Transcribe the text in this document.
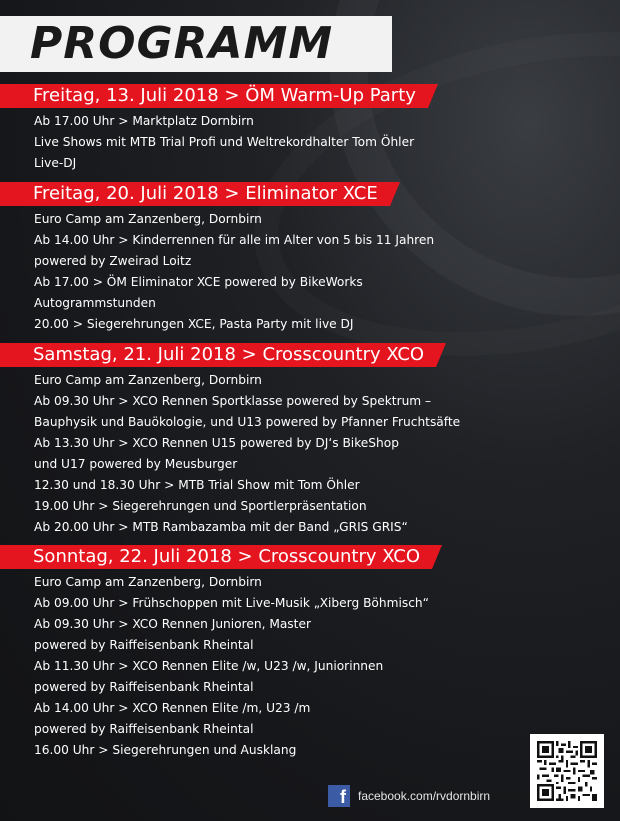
PROGRAMM
Freitag, 13. Juli 2018 > ÖM Warm-Up Party
Ab 17.00 Uhr > Marktplatz Dornbirn
Live Shows mit MTB Trial Profi und Weltrekordhalter Tom Öhler
Live-DJ
Freitag, 20. Juli 2018 > Eliminator XCE
Euro Camp am Zanzenberg, Dornbirn
Ab 14.00 Uhr > Kinderrennen für alle im Alter von 5 bis 11 Jahren
powered by Zweirad Loitz
Ab 17.00 > ÖM Eliminator XCE powered by BikeWorks
Autogrammstunden
20.00 > Siegerehrungen XCE, Pasta Party mit live DJ
Samstag, 21. Juli 2018 > Crosscountry XCO
Euro Camp am Zanzenberg, Dornbirn
Ab 09.30 Uhr > XCO Rennen Sportklasse powered by Spektrum –
Bauphysik und Bauökologie, und U13 powered by Pfanner Fruchtsäfte
Ab 13.30 Uhr > XCO Rennen U15 powered by DJ‘s BikeShop
und U17 powered by Meusburger
12.30 und 18.30 Uhr > MTB Trial Show mit Tom Öhler
19.00 Uhr > Siegerehrungen und Sportlerpräsentation
Ab 20.00 Uhr > MTB Rambazamba mit der Band „GRIS GRIS“
Sonntag, 22. Juli 2018 > Crosscountry XCO
Euro Camp am Zanzenberg, Dornbirn
Ab 09.00 Uhr > Frühschoppen mit Live-Musik „Xiberg Böhmisch“
Ab 09.30 Uhr > XCO Rennen Junioren, Master
powered by Raiffeisenbank Rheintal
Ab 11.30 Uhr > XCO Rennen Elite /w, U23 /w, Juniorinnen
powered by Raiffeisenbank Rheintal
Ab 14.00 Uhr > XCO Rennen Elite /m, U23 /m
powered by Raiffeisenbank Rheintal
16.00 Uhr > Siegerehrungen und Ausklang
f	facebook.com/rvdornbirn
